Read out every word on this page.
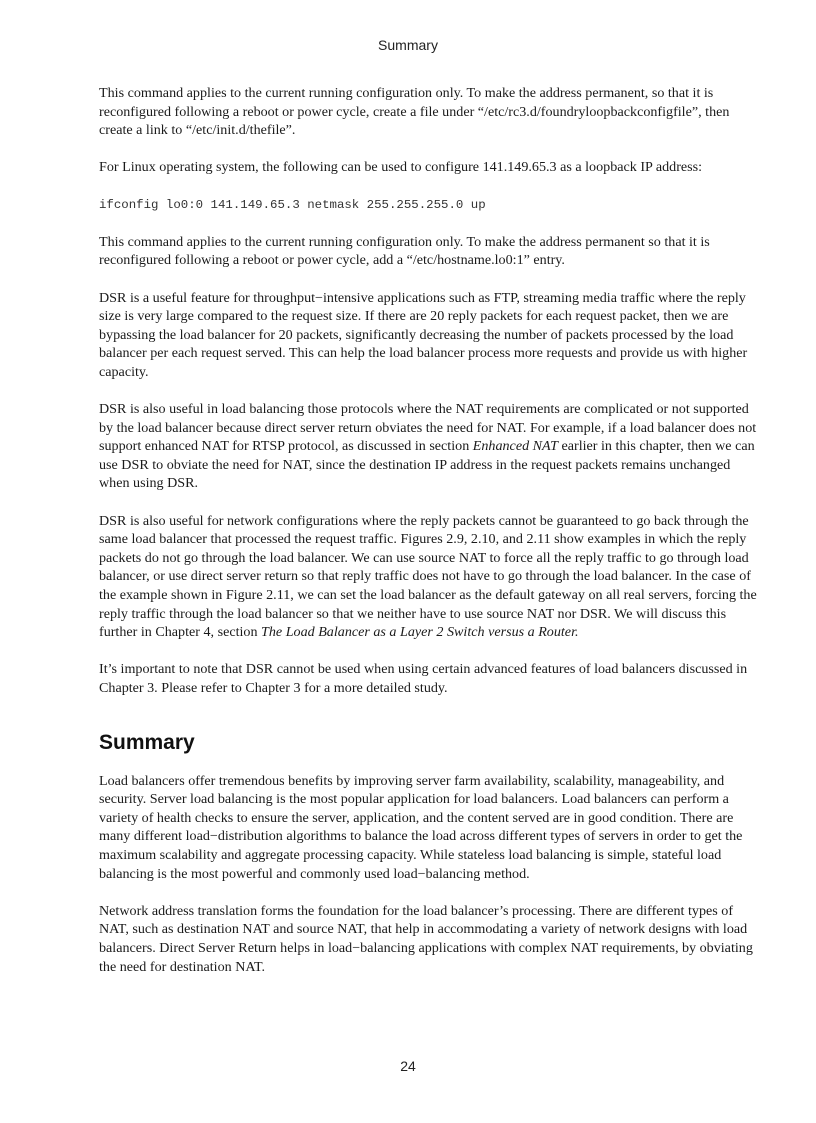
Summary

This command applies to the current running configuration only. To make the address permanent, so that it is reconfigured following a reboot or power cycle, create a file under “/etc/rc3.d/foundryloopbackconfigfile”, then create a link to “/etc/init.d/thefile”.

For Linux operating system, the following can be used to configure 141.149.65.3 as a loopback IP address:

ifconfig lo0:0 141.149.65.3 netmask 255.255.255.0 up

This command applies to the current running configuration only. To make the address permanent so that it is reconfigured following a reboot or power cycle, add a “/etc/hostname.lo0:1” entry.

DSR is a useful feature for throughput−intensive applications such as FTP, streaming media traffic where the reply size is very large compared to the request size. If there are 20 reply packets for each request packet, then we are bypassing the load balancer for 20 packets, significantly decreasing the number of packets processed by the load balancer per each request served. This can help the load balancer process more requests and provide us with higher capacity.

DSR is also useful in load balancing those protocols where the NAT requirements are complicated or not supported by the load balancer because direct server return obviates the need for NAT. For example, if a load balancer does not support enhanced NAT for RTSP protocol, as discussed in section Enhanced NAT earlier in this chapter, then we can use DSR to obviate the need for NAT, since the destination IP address in the request packets remains unchanged when using DSR.

DSR is also useful for network configurations where the reply packets cannot be guaranteed to go back through the same load balancer that processed the request traffic. Figures 2.9, 2.10, and 2.11 show examples in which the reply packets do not go through the load balancer. We can use source NAT to force all the reply traffic to go through load balancer, or use direct server return so that reply traffic does not have to go through the load balancer. In the case of the example shown in Figure 2.11, we can set the load balancer as the default gateway on all real servers, forcing the reply traffic through the load balancer so that we neither have to use source NAT nor DSR. We will discuss this further in Chapter 4, section The Load Balancer as a Layer 2 Switch versus a Router.

It’s important to note that DSR cannot be used when using certain advanced features of load balancers discussed in Chapter 3. Please refer to Chapter 3 for a more detailed study.

Summary

Load balancers offer tremendous benefits by improving server farm availability, scalability, manageability, and security. Server load balancing is the most popular application for load balancers. Load balancers can perform a variety of health checks to ensure the server, application, and the content served are in good condition. There are many different load−distribution algorithms to balance the load across different types of servers in order to get the maximum scalability and aggregate processing capacity. While stateless load balancing is simple, stateful load balancing is the most powerful and commonly used load−balancing method.

Network address translation forms the foundation for the load balancer’s processing. There are different types of NAT, such as destination NAT and source NAT, that help in accommodating a variety of network designs with load balancers. Direct Server Return helps in load−balancing applications with complex NAT requirements, by obviating the need for destination NAT.

24
